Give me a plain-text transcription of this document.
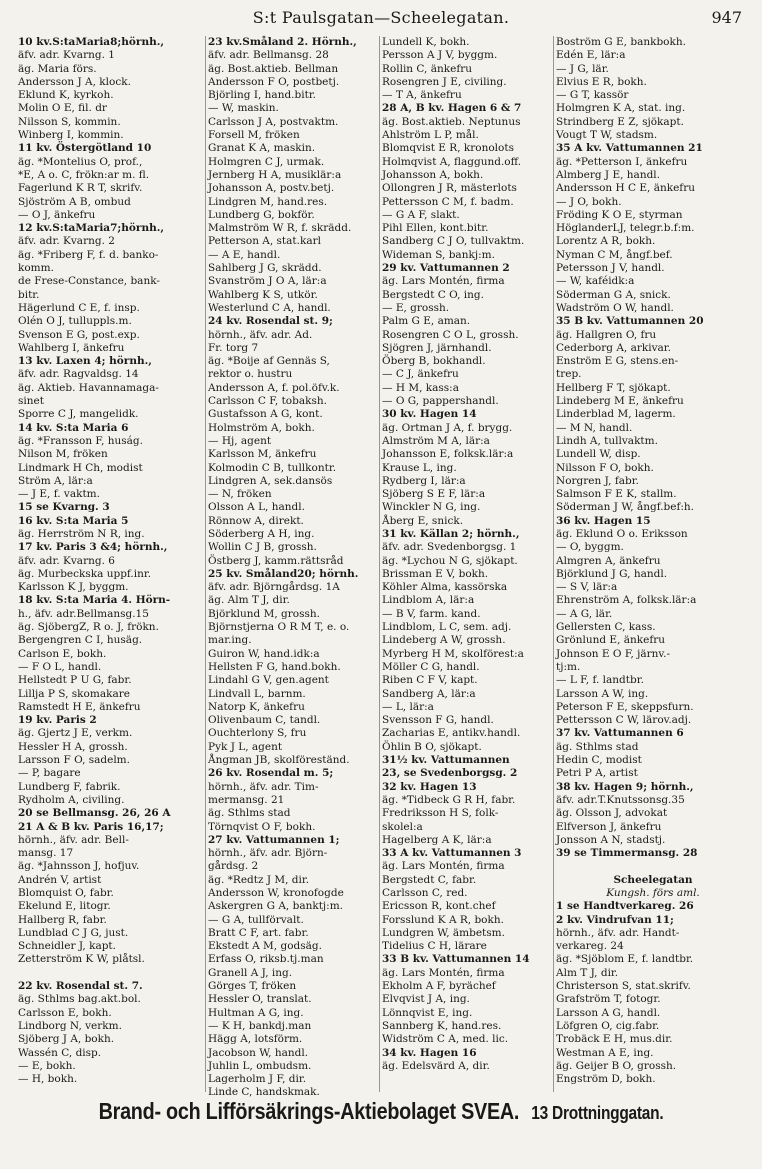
S:t Paulsgatan—Scheelegatan.	947
10 kv.S:taMaria8;hörnh.,
äfv. adr. Kvarng. 1
äg. Maria förs.
Andersson J A, klock.
Eklund K, kyrkoh.
Molin O E, fil. dr
Nilsson S, kommin.
Winberg I, kommin.
11 kv. Östergötland 10
äg. *Montelius O, prof.,
*E, A o. C, frökn:ar m. fl.
Fagerlund K R T, skrifv.
Sjöström A B, ombud
— O J, änkefru
12 kv.S:taMaria7;hörnh.,
äfv. adr. Kvarng. 2
äg. *Friberg F, f. d. banko-
komm.
de Frese-Constance, bank-
bitr.
Hägerlund C E, f. insp.
Olén O J, tulluppls.m.
Svenson E G, post.exp.
Wahlberg I, änkefru
13 kv. Laxen 4; hörnh.,
äfv. adr. Ragvaldsg. 14
äg. Aktieb. Havannamaga-
sinet
Sporre C J, mangelidk.
14 kv. S:ta Maria 6
äg. *Fransson F, huság.
Nilson M, fröken
Lindmark H Ch, modist
Ström A, lär:a
— J E, f. vaktm.
15 se Kvarng. 3
16 kv. S:ta Maria 5
äg. Herrström N R, ing.
17 kv. Paris 3 &4; hörnh.,
äfv. adr. Kvarng. 6
äg. Murbeckska uppf.inr.
Karlsson K J, byggm.
18 kv. S:ta Maria 4. Hörn-
h., äfv. adr.Bellmansg.15
äg. SjöbergZ, R o. J, frökn.
Bergengren C I, husäg.
Carlson E, bokh.
— F O L, handl.
Hellstedt P U G, fabr.
Lillja P S, skomakare
Ramstedt H E, änkefru
19 kv. Paris 2
äg. Gjertz J E, verkm.
Hessler H A, grossh.
Larsson F O, sadelm.
— P, bagare
Lundberg F, fabrik.
Rydholm A, civiling.
20 se Bellmansg. 26, 26 A
21 A & B kv. Paris 16,17;
hörnh., äfv. adr. Bell-
mansg. 17
äg. *Jahnsson J, hofjuv.
Andrén V, artist
Blomquist O, fabr.
Ekelund E, litogr.
Hallberg R, fabr.
Lundblad C J G, just.
Schneidler J, kapt.
Zetterström K W, plåtsl.

22 kv. Rosendal st. 7.
äg. Sthlms bag.akt.bol.
Carlsson E, bokh.
Lindborg N, verkm.
Sjöberg J A, bokh.
Wassén C, disp.
— E, bokh.
— H, bokh.
23 kv.Småland 2. Hörnh.,
äfv. adr. Bellmansg. 28
äg. Bost.aktieb. Bellman
Andersson F O, postbetj.
Björling I, hand.bitr.
— W, maskin.
Carlsson J A, postvaktm.
Forsell M, fröken
Granat K A, maskin.
Holmgren C J, urmak.
Jernberg H A, musiklär:a
Johansson A, postv.betj.
Lindgren M, hand.res.
Lundberg G, bokför.
Malmström W R, f. skrädd.
Petterson A, stat.karl
— A E, handl.
Sahlberg J G, skrädd.
Svanström J O A, lär:a
Wahlberg K S, utkör.
Westerlund C A, handl.
24 kv. Rosendal st. 9;
hörnh., äfv. adr. Ad.
Fr. torg 7
äg. *Boije af Gennäs S,
rektor o. hustru
Andersson A, f. pol.öfv.k.
Carlsson C F, tobaksh.
Gustafsson A G, kont.
Holmström A, bokh.
— Hj, agent
Karlsson M, änkefru
Kolmodin C B, tullkontr.
Lindgren A, sek.dansös
— N, fröken
Olsson A L, handl.
Rönnow A, direkt.
Söderberg A H, ing.
Wollin C J B, grossh.
Östberg J, kamm.rättsråd
25 kv. Småland20; hörnh.
äfv. adr. Björngårdsg. 1A
äg. Alm T J, dir.
Björklund M, grossh.
Björnstjerna O R M T, e. o.
mar.ing.
Guiron W, hand.idk:a
Hellsten F G, hand.bokh.
Lindahl G V, gen.agent
Lindvall L, barnm.
Natorp K, änkefru
Olivenbaum C, tandl.
Ouchterlony S, fru
Pyk J L, agent
Ångman JB, skolföreständ.
26 kv. Rosendal m. 5;
hörnh., äfv. adr. Tim-
mermansg. 21
äg. Sthlms stad
Törnqvist O F, bokh.
27 kv. Vattumannen 1;
hörnh., äfv. adr. Björn-
gårdsg. 2
äg. *Redtz J M, dir.
Andersson W, kronofogde
Askergren G A, banktj:m.
— G A, tullförvalt.
Bratt C F, art. fabr.
Ekstedt A M, godsäg.
Erfass O, riksb.tj.man
Granell A J, ing.
Görges T, fröken
Hessler O, translat.
Hultman A G, ing.
— K H, bankdj.man
Hägg A, lotsförm.
Jacobson W, handl.
Juhlin L, ombudsm.
Lagerholm J F, dir.
Linde C, handskmak.
Lundell K, bokh.
Persson A J V, byggm.
Rollin C, änkefru
Rosengren J E, civiling.
— T A, änkefru
28 A, B kv. Hagen 6 & 7
äg. Bost.aktieb. Neptunus
Ahlström L P, mål.
Blomqvist E R, kronolots
Holmqvist A, flaggund.off.
Johansson A, bokh.
Ollongren J R, mästerlots
Pettersson C M, f. badm.
— G A F, slakt.
Pihl Ellen, kont.bitr.
Sandberg C J O, tullvaktm.
Wideman S, bankj:m.
29 kv. Vattumannen 2
äg. Lars Montén, firma
Bergstedt C O, ing.
— E, grossh.
Palm G E, aman.
Rosengren C O L, grossh.
Sjögren J, järnhandl.
Öberg B, bokhandl.
— C J, änkefru
— H M, kass:a
— O G, pappershandl.
30 kv. Hagen 14
äg. Ortman J A, f. brygg.
Almström M A, lär:a
Johansson E, folksk.lär:a
Krause L, ing.
Rydberg I, lär:a
Sjöberg S E F, lär:a
Winckler N G, ing.
Åberg E, snick.
31 kv. Källan 2; hörnh.,
äfv. adr. Svedenborgsg. 1
äg. *Lychou N G, sjökapt.
Brissman E V, bokh.
Köhler Alma, kassörska
Lindblom A, lär:a
— B V, farm. kand.
Lindblom, L C, sem. adj.
Lindeberg A W, grossh.
Myrberg H M, skolförest:a
Möller C G, handl.
Riben C F V, kapt.
Sandberg A, lär:a
— L, lär:a
Svensson F G, handl.
Zacharias E, antikv.handl.
Öhlin B O, sjökapt.
31½ kv. Vattumannen
23, se Svedenborgsg. 2
32 kv. Hagen 13
äg. *Tidbeck G R H, fabr.
Fredriksson H S, folk-
skolel:a
Hagelberg A K, lär:a
33 A kv. Vattumannen 3
äg. Lars Montén, firma
Bergstedt C, fabr.
Carlsson C, red.
Ericsson R, kont.chef
Forsslund K A R, bokh.
Lundgren W, ämbetsm.
Tidelius C H, lärare
33 B kv. Vattumannen 14
äg. Lars Montén, firma
Ekholm A F, byrächef
Elvqvist J A, ing.
Lönnqvist E, ing.
Sannberg K, hand.res.
Widström C A, med. lic.
34 kv. Hagen 16
äg. Edelsvärd A, dir.
Boström G E, bankbokh.
Edén E, lär:a
— J G, lär.
Elvius E R, bokh.
— G T, kassör
Holmgren K A, stat. ing.
Strindberg E Z, sjökapt.
Vougt T W, stadsm.
35 A kv. Vattumannen 21
äg. *Petterson I, änkefru
Almberg J E, handl.
Andersson H C E, änkefru
— J O, bokh.
Fröding K O E, styrman
HöglanderLJ, telegr.b.f:m.
Lorentz A R, bokh.
Nyman C M, ångf.bef.
Petersson J V, handl.
— W, kaféidk:a
Söderman G A, snick.
Wadström O W, handl.
35 B kv. Vattumannen 20
äg. Hallgren O, fru
Cederborg A, arkivar.
Enström E G, stens.en-
trep.
Hellberg F T, sjökapt.
Lindeberg M E, änkefru
Linderblad M, lagerm.
— M N, handl.
Lindh A, tullvaktm.
Lundell W, disp.
Nilsson F O, bokh.
Norgren J, fabr.
Salmson F E K, stallm.
Söderman J W, ångf.bef:h.
36 kv. Hagen 15
äg. Eklund O o. Eriksson
— O, byggm.
Almgren A, änkefru
Björklund J G, handl.
— S V, lär:a
Ehrenström A, folksk.lär:a
— A G, lär.
Gellersten C, kass.
Grönlund E, änkefru
Johnson E O F, järnv.-
tj:m.
— L F, f. landtbr.
Larsson A W, ing.
Peterson F E, skeppsfurn.
Pettersson C W, lärov.adj.
37 kv. Vattumannen 6
äg. Sthlms stad
Hedin C, modist
Petri P A, artist
38 kv. Hagen 9; hörnh.,
äfv. adr.T.Knutssonsg.35
äg. Olsson J, advokat
Elfverson J, änkefru
Jonsson A N, stadstj.
39 se Timmermansg. 28

Scheelegatan
Kungsh. förs aml.
1 se Handtverkareg. 26
2 kv. Vindrufvan 11;
hörnh., äfv. adr. Handt-
verkareg. 24
äg. *Sjöblom E, f. landtbr.
Alm T J, dir.
Christerson S, stat.skrifv.
Grafström T, fotogr.
Larsson A G, handl.
Löfgren O, cig.fabr.
Trobäck E H, mus.dir.
Westman A E, ing.
äg. Geijer B O, grossh.
Engström D, bokh.
Brand- och Lifförsäkrings-Aktiebolaget SVEA. 13 Drottninggatan.
